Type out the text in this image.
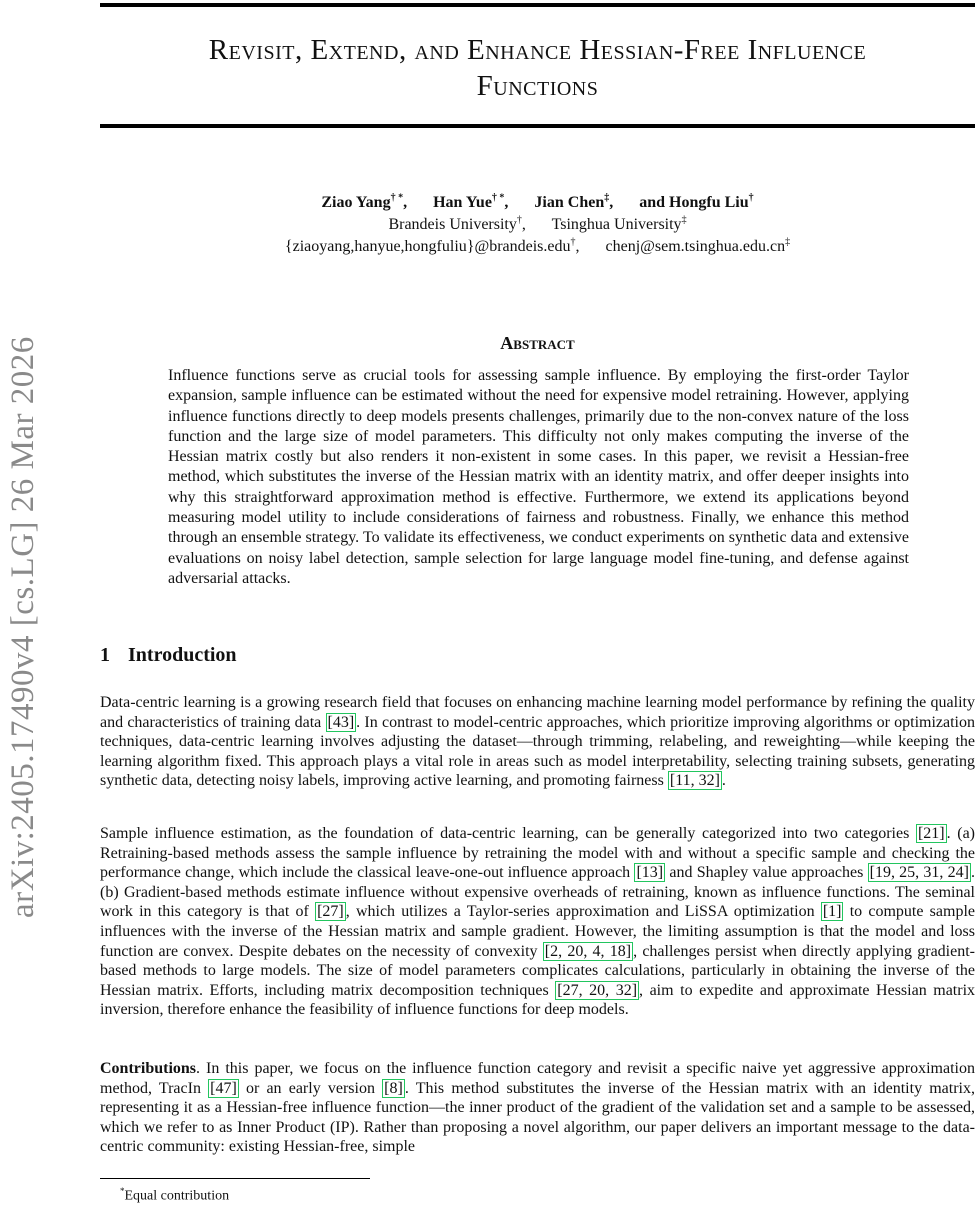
arXiv:2405.17490v4 [cs.LG] 26 Mar 2026
Revisit, Extend, and Enhance Hessian-Free Influence
Functions
Ziao Yang† *, Han Yue† *, Jian Chen‡, and Hongfu Liu†
Brandeis University†, Tsinghua University‡
{ziaoyang,hanyue,hongfuliu}@brandeis.edu†, chenj@sem.tsinghua.edu.cn‡
Abstract

Influence functions serve as crucial tools for assessing sample influence. By employing the first-order Taylor expansion, sample influence can be estimated without the need for expensive model retraining. However, applying influence functions directly to deep models presents challenges, primarily due to the non-convex nature of the loss function and the large size of model parameters. This difficulty not only makes computing the inverse of the Hessian matrix costly but also renders it non-existent in some cases. In this paper, we revisit a Hessian-free method, which substitutes the inverse of the Hessian matrix with an identity matrix, and offer deeper insights into why this straightforward approximation method is effective. Furthermore, we extend its applications beyond measuring model utility to include considerations of fairness and robustness. Finally, we enhance this method through an ensemble strategy. To validate its effectiveness, we conduct experiments on synthetic data and extensive evaluations on noisy label detection, sample selection for large language model fine-tuning, and defense against adversarial attacks.

1 Introduction

Data-centric learning is a growing research field that focuses on enhancing machine learning model performance by refining the quality and characteristics of training data [43] . In contrast to model-centric approaches, which prioritize improving algorithms or optimization techniques, data-centric learning involves adjusting the dataset—through trimming, relabeling, and reweighting—while keeping the learning algorithm fixed. This approach plays a vital role in areas such as model interpretability, selecting training subsets, generating synthetic data, detecting noisy labels, improving active learning, and promoting fairness [11, 32] .

Sample influence estimation, as the foundation of data-centric learning, can be generally categorized into two categories [21] . (a) Retraining-based methods assess the sample influence by retraining the model with and without a specific sample and checking the performance change, which include the classical leave-one-out influence approach [13] and Shapley value approaches [19, 25, 31, 24] . (b) Gradient-based methods estimate influence without expensive overheads of retraining, known as influence functions. The seminal work in this category is that of [27] , which utilizes a Taylor-series approximation and LiSSA optimization [1] to compute sample influences with the inverse of the Hessian matrix and sample gradient. However, the limiting assumption is that the model and loss function are convex. Despite debates on the necessity of convexity [2, 20, 4, 18] , challenges persist when directly applying gradient-based methods to large models. The size of model parameters complicates calculations, particularly in obtaining the inverse of the Hessian matrix. Efforts, including matrix decomposition techniques [27, 20, 32] , aim to expedite and approximate Hessian matrix inversion, therefore enhance the feasibility of influence functions for deep models.

Contributions. In this paper, we focus on the influence function category and revisit a specific naive yet aggressive approximation method, TracIn [47] or an early version [8] . This method substitutes the inverse of the Hessian matrix with an identity matrix, representing it as a Hessian-free influence function—the inner product of the gradient of the validation set and a sample to be assessed, which we refer to as Inner Product (IP). Rather than proposing a novel algorithm, our paper delivers an important message to the data-centric community: existing Hessian-free, simple

*Equal contribution
